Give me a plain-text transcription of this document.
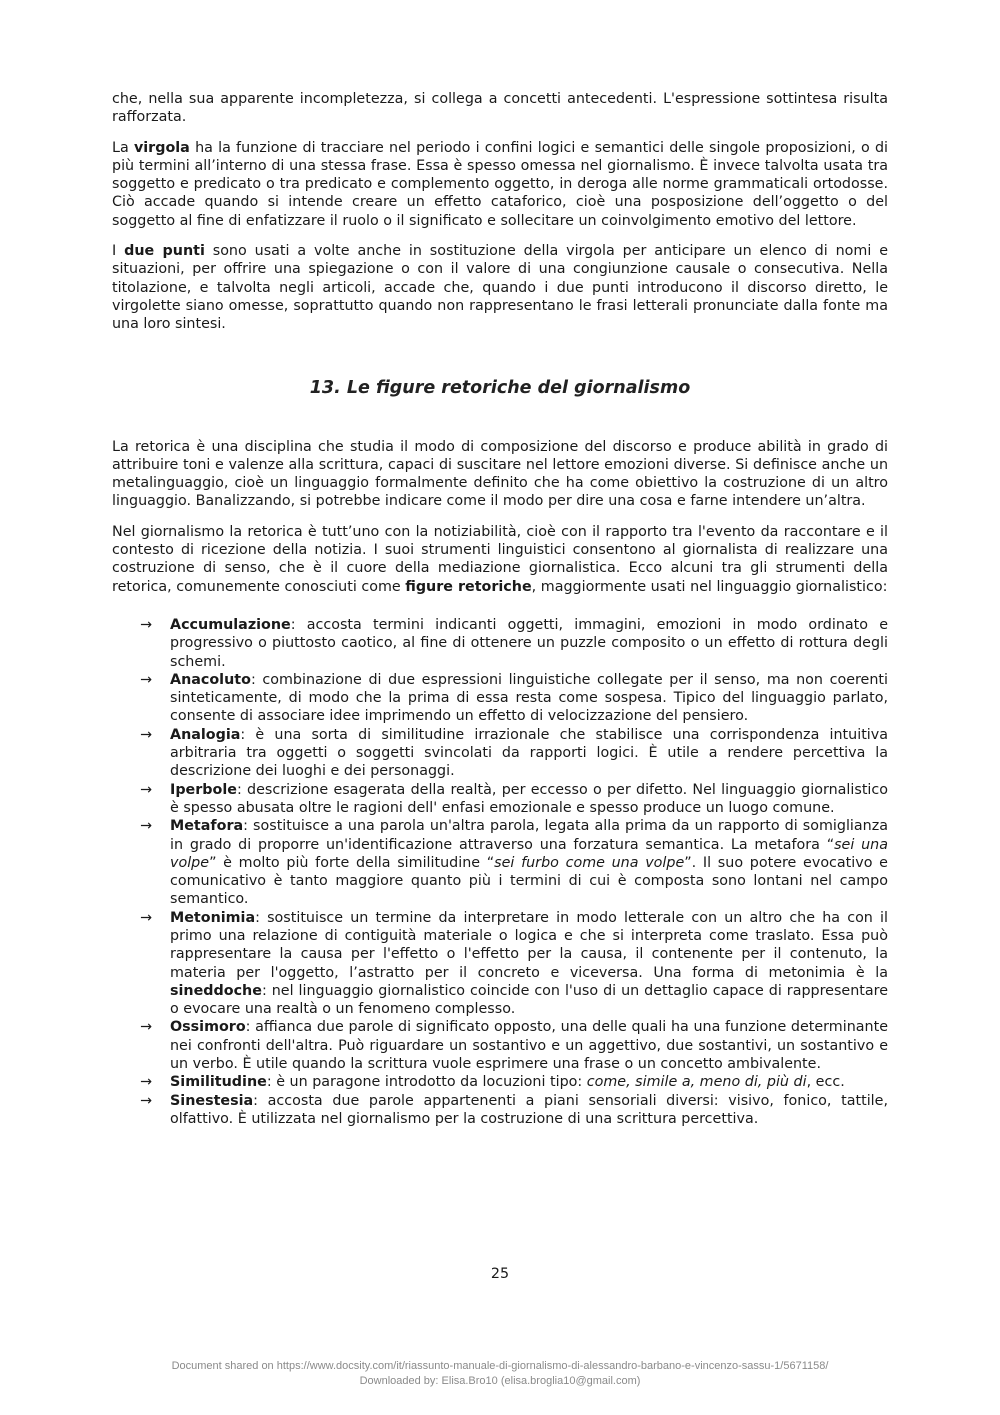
che, nella sua apparente incompletezza, si collega a concetti antecedenti. L'espressione sottintesa risulta rafforzata.

La virgola ha la funzione di tracciare nel periodo i confini logici e semantici delle singole proposizioni, o di più termini all’interno di una stessa frase. Essa è spesso omessa nel giornalismo. È invece talvolta usata tra soggetto e predicato o tra predicato e complemento oggetto, in deroga alle norme grammaticali ortodosse. Ciò accade quando si intende creare un effetto cataforico, cioè una posposizione dell’oggetto o del soggetto al fine di enfatizzare il ruolo o il significato e sollecitare un coinvolgimento emotivo del lettore.

I due punti sono usati a volte anche in sostituzione della virgola per anticipare un elenco di nomi e situazioni, per offrire una spiegazione o con il valore di una congiunzione causale o consecutiva. Nella titolazione, e talvolta negli articoli, accade che, quando i due punti introducono il discorso diretto, le virgolette siano omesse, soprattutto quando non rappresentano le frasi letterali pronunciate dalla fonte ma una loro sintesi.

13. Le figure retoriche del giornalismo

La retorica è una disciplina che studia il modo di composizione del discorso e produce abilità in grado di attribuire toni e valenze alla scrittura, capaci di suscitare nel lettore emozioni diverse. Si definisce anche un metalinguaggio, cioè un linguaggio formalmente definito che ha come obiettivo la costruzione di un altro linguaggio. Banalizzando, si potrebbe indicare come il modo per dire una cosa e farne intendere un’altra.

Nel giornalismo la retorica è tutt’uno con la notiziabilità, cioè con il rapporto tra l'evento da raccontare e il contesto di ricezione della notizia. I suoi strumenti linguistici consentono al giornalista di realizzare una costruzione di senso, che è il cuore della mediazione giornalistica. Ecco alcuni tra gli strumenti della retorica, comunemente conosciuti come figure retoriche, maggiormente usati nel linguaggio giornalistico:

→ Accumulazione: accosta termini indicanti oggetti, immagini, emozioni in modo ordinato e progressivo o piuttosto caotico, al fine di ottenere un puzzle composito o un effetto di rottura degli schemi.
→ Anacoluto: combinazione di due espressioni linguistiche collegate per il senso, ma non coerenti sinteticamente, di modo che la prima di essa resta come sospesa. Tipico del linguaggio parlato, consente di associare idee imprimendo un effetto di velocizzazione del pensiero.
→ Analogia: è una sorta di similitudine irrazionale che stabilisce una corrispondenza intuitiva arbitraria tra oggetti o soggetti svincolati da rapporti logici. È utile a rendere percettiva la descrizione dei luoghi e dei personaggi.
→ Iperbole: descrizione esagerata della realtà, per eccesso o per difetto. Nel linguaggio giornalistico è spesso abusata oltre le ragioni dell' enfasi emozionale e spesso produce un luogo comune.
→ Metafora: sostituisce a una parola un'altra parola, legata alla prima da un rapporto di somiglianza in grado di proporre un'identificazione attraverso una forzatura semantica. La metafora “sei una volpe” è molto più forte della similitudine “sei furbo come una volpe”. Il suo potere evocativo e comunicativo è tanto maggiore quanto più i termini di cui è composta sono lontani nel campo semantico.
→ Metonimia: sostituisce un termine da interpretare in modo letterale con un altro che ha con il primo una relazione di contiguità materiale o logica e che si interpreta come traslato. Essa può rappresentare la causa per l'effetto o l'effetto per la causa, il contenente per il contenuto, la materia per l'oggetto, l’astratto per il concreto e viceversa. Una forma di metonimia è la sineddoche: nel linguaggio giornalistico coincide con l'uso di un dettaglio capace di rappresentare o evocare una realtà o un fenomeno complesso.
→ Ossimoro: affianca due parole di significato opposto, una delle quali ha una funzione determinante nei confronti dell'altra. Può riguardare un sostantivo e un aggettivo, due sostantivi, un sostantivo e un verbo. È utile quando la scrittura vuole esprimere una frase o un concetto ambivalente.
→ Similitudine: è un paragone introdotto da locuzioni tipo: come, simile a, meno di, più di, ecc.
→ Sinestesia: accosta due parole appartenenti a piani sensoriali diversi: visivo, fonico, tattile, olfattivo. È utilizzata nel giornalismo per la costruzione di una scrittura percettiva.
25
Document shared on https://www.docsity.com/it/riassunto-manuale-di-giornalismo-di-alessandro-barbano-e-vincenzo-sassu-1/5671158/
Downloaded by: Elisa.Bro10 (elisa.broglia10@gmail.com)
